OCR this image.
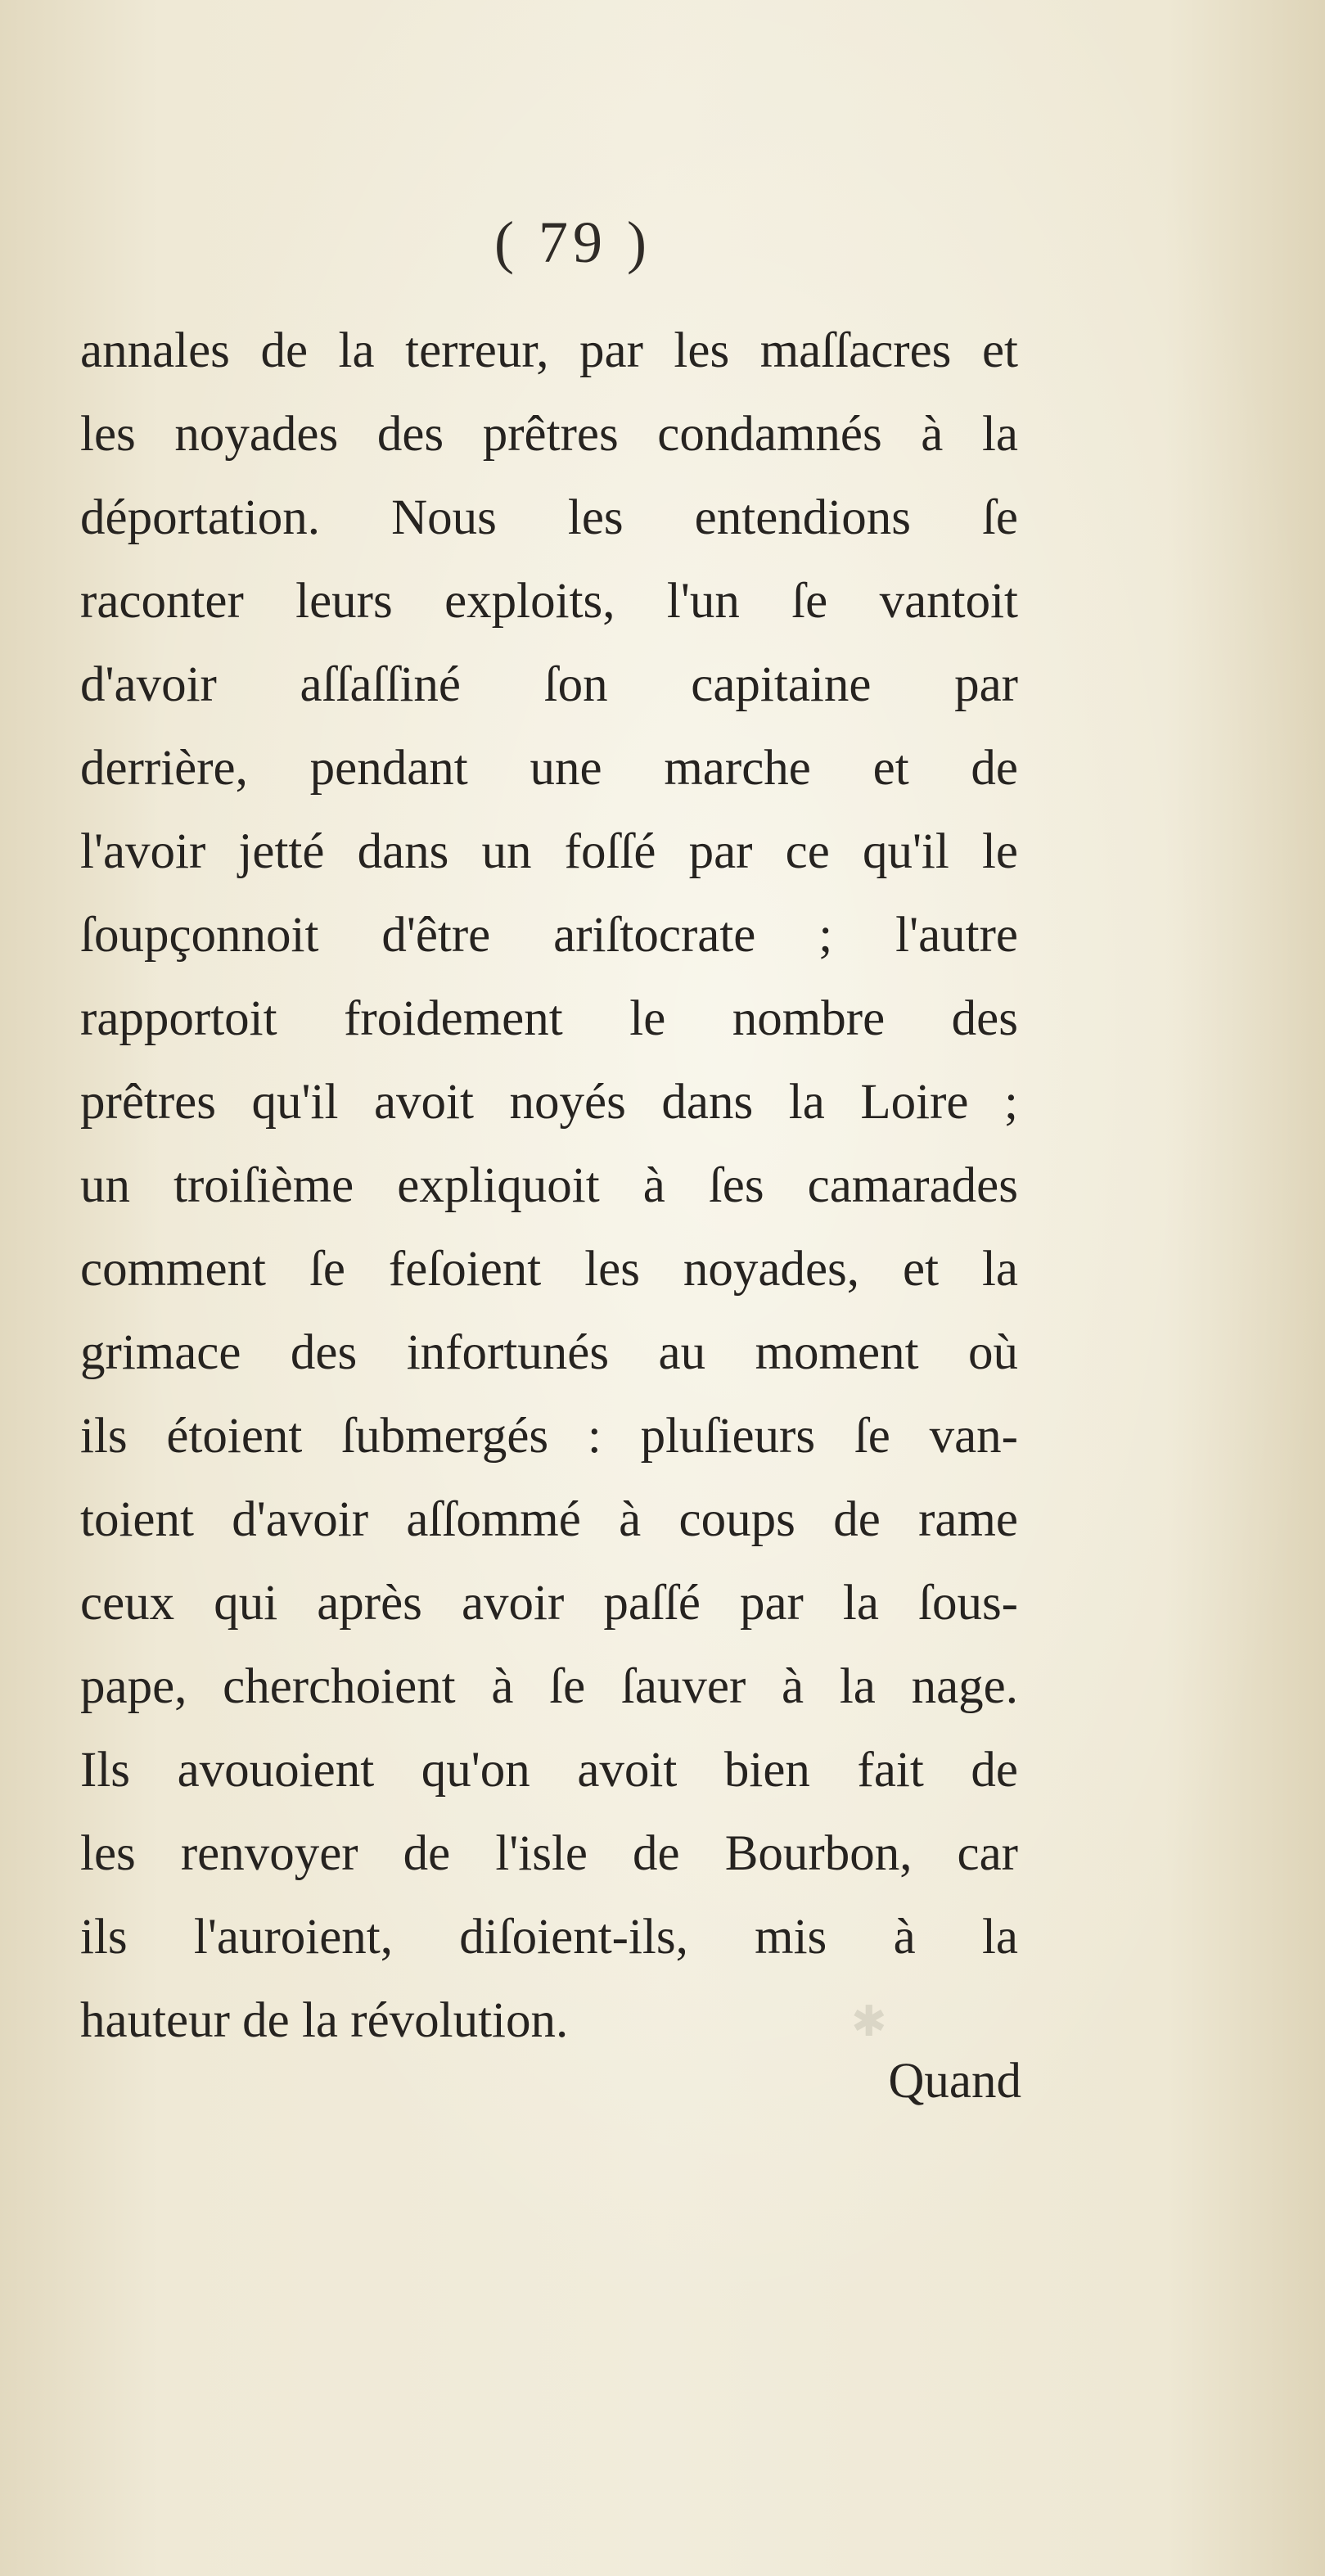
✱
( 79 )
annales de la terreur, par les maſſacres et
les noyades des prêtres condamnés à la
déportation. Nous les entendions ſe
raconter leurs exploits, l'un ſe vantoit
d'avoir aſſaſſiné ſon capitaine par
derrière, pendant une marche et de
l'avoir jetté dans un foſſé par ce qu'il le
ſoupçonnoit d'être ariſtocrate ; l'autre
rapportoit froidement le nombre des
prêtres qu'il avoit noyés dans la Loire ;
un troiſième expliquoit à ſes camarades
comment ſe feſoient les noyades, et la
grimace des infortunés au moment où
ils étoient ſubmergés : pluſieurs ſe van-
toient d'avoir aſſommé à coups de rame
ceux qui après avoir paſſé par la ſous-
pape, cherchoient à ſe ſauver à la nage.
Ils avouoient qu'on avoit bien fait de
les renvoyer de l'isle de Bourbon, car
ils l'auroient, diſoient-ils, mis à la
hauteur de la révolution.
Quand
